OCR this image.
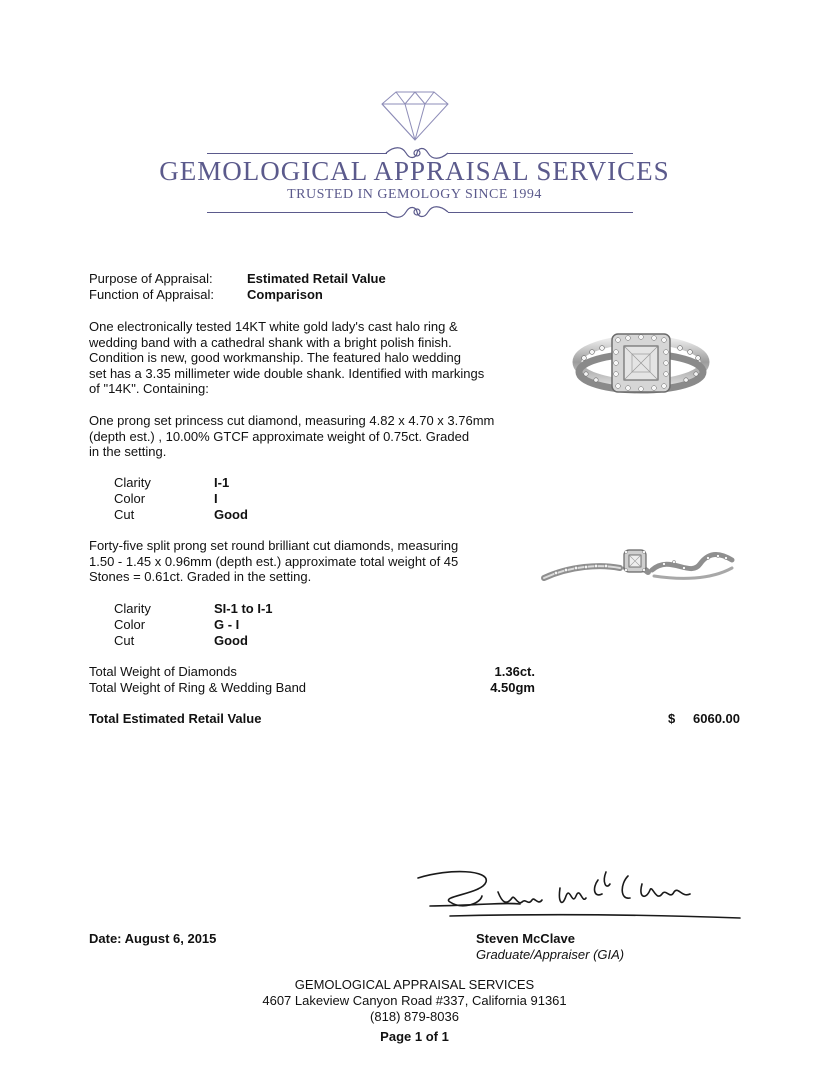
GEMOLOGICAL APPRAISAL SERVICES
TRUSTED IN GEMOLOGY SINCE 1994
Purpose of Appraisal:	Estimated Retail Value
Function of Appraisal:	Comparison
One electronically tested 14KT white gold lady's cast halo ring &
wedding band with a cathedral shank with a bright polish finish.
Condition is new, good workmanship. The featured halo wedding
set has a 3.35 millimeter wide double shank. Identified with markings
of "14K". Containing:
One prong set princess cut diamond, measuring 4.82 x 4.70 x 3.76mm
(depth est.) , 10.00% GTCF approximate weight of 0.75ct. Graded
in the setting.
Clarity	I-1
Color	I
Cut	Good
Forty-five split prong set round brilliant cut diamonds, measuring
1.50 - 1.45 x 0.96mm (depth est.) approximate total weight of 45
Stones = 0.61ct. Graded in the setting.
Clarity	SI-1 to I-1
Color	G - I
Cut	Good
Total Weight of Diamonds	1.36ct.
Total Weight of Ring & Wedding Band	4.50gm
Total Estimated Retail Value	$	6060.00
Date: August 6, 2015	Steven McClave
Graduate/Appraiser (GIA)
GEMOLOGICAL APPRAISAL SERVICES
4607 Lakeview Canyon Road #337, California 91361
(818) 879-8036
Page 1 of 1
